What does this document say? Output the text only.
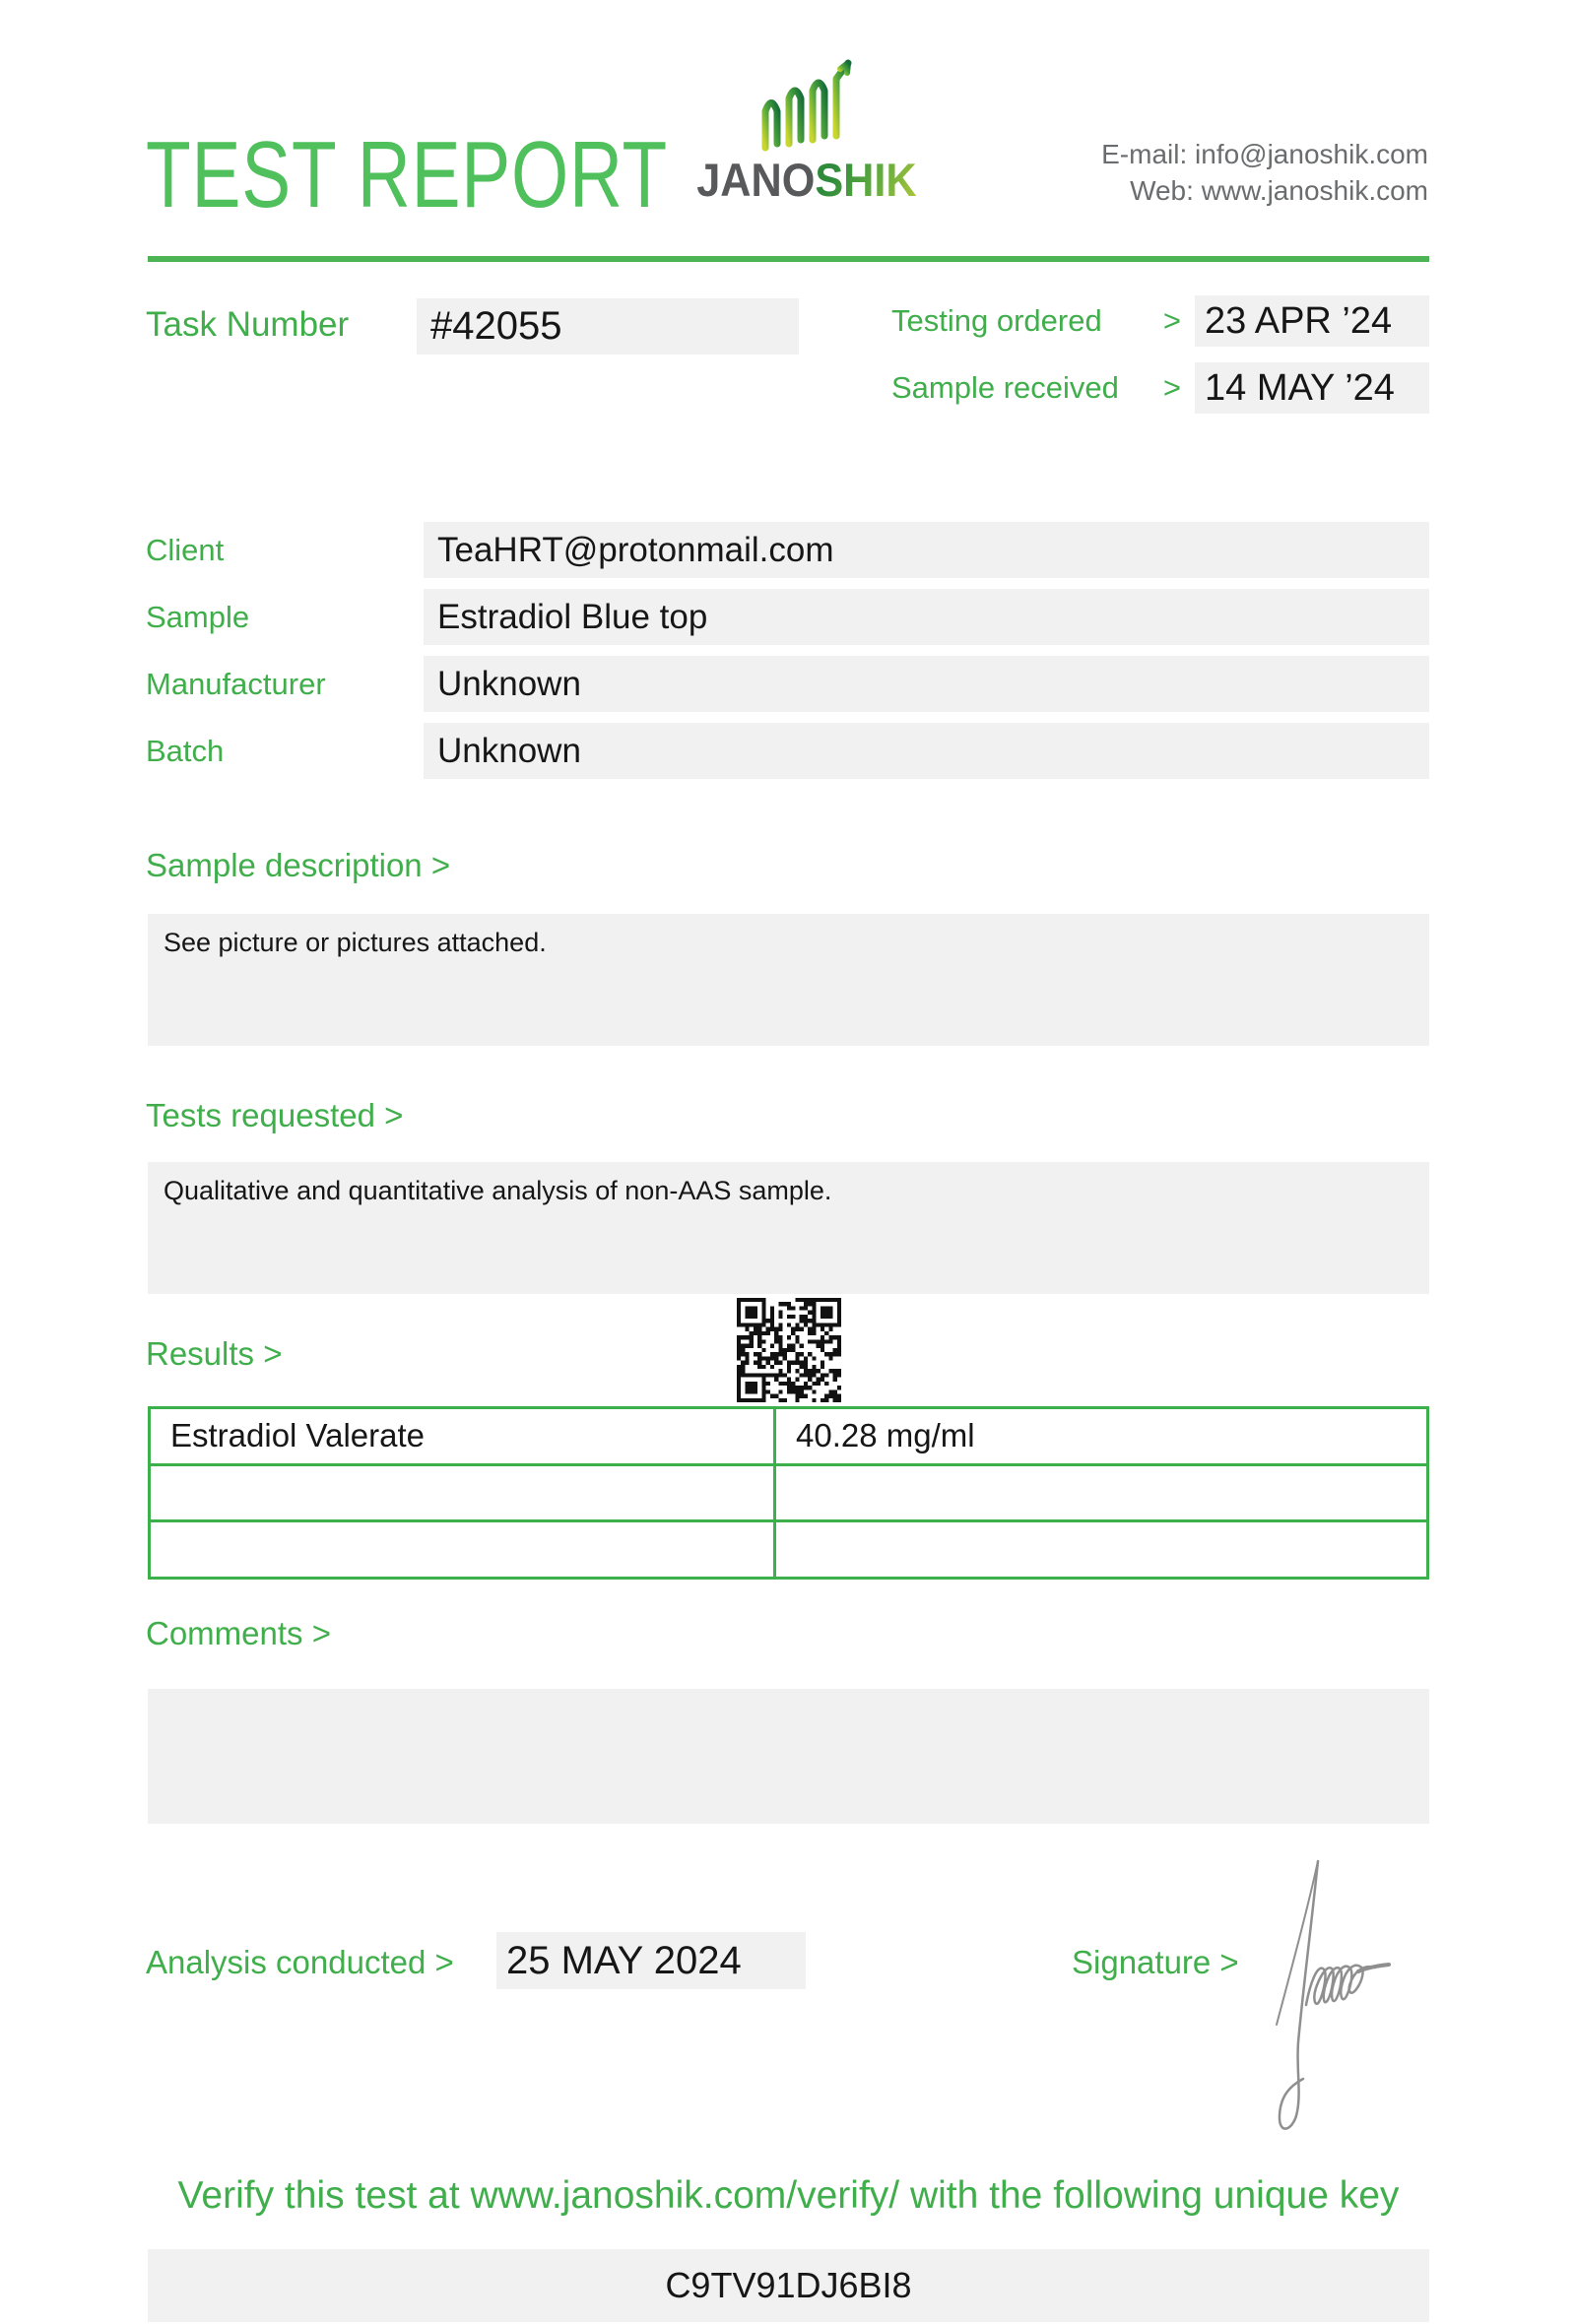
TEST REPORT JANOSHIK	E-mail: info@janoshik.com
Web: www.janoshik.com
Task Number	#42055	Testing ordered	> 23 APR ’24
Sample received	> 14 MAY ’24
Client	TeaHRT@protonmail.com
Sample	Estradiol Blue top
Manufacturer	Unknown
Batch	Unknown
Sample description >
See picture or pictures attached.
Tests requested >
Qualitative and quantitative analysis of non-AAS sample.
Results >
Estradiol Valerate	40.28 mg/ml
Comments >
Analysis conducted > 25 MAY 2024	Signature >
Verify this test at www.janoshik.com/verify/ with the following unique key
C9TV91DJ6BI8
